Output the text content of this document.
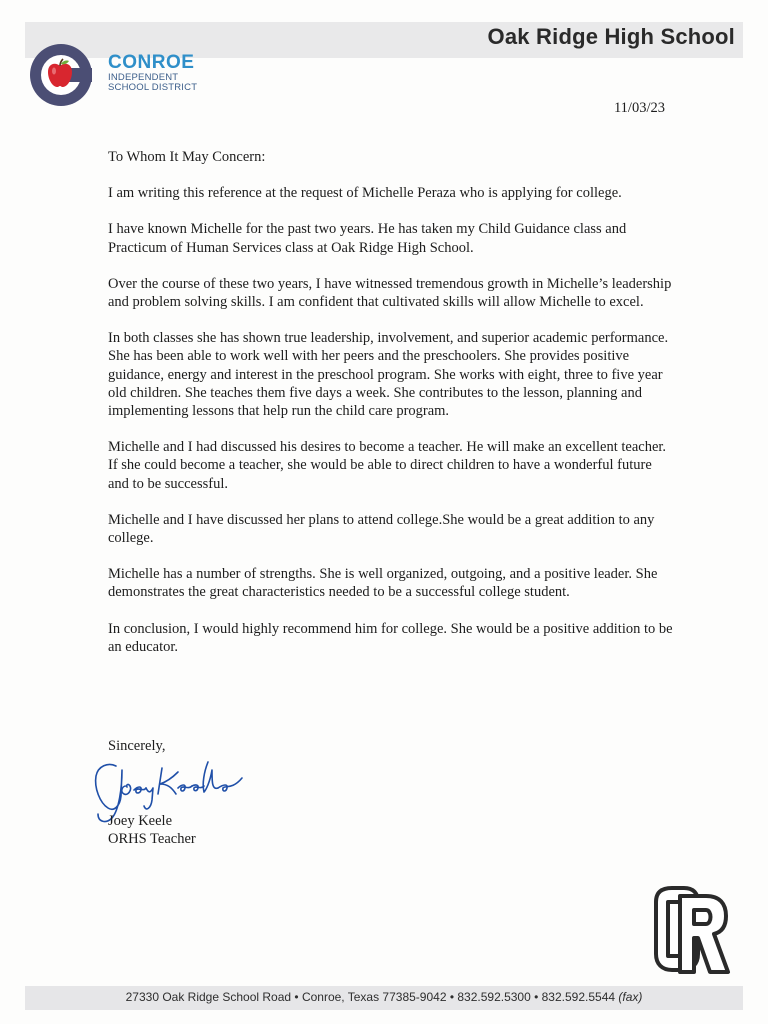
Oak Ridge High School
CONROE
INDEPENDENT
SCHOOL DISTRICT
11/03/23

To Whom It May Concern:

I am writing this reference at the request of Michelle Peraza who is applying for college.

I have known Michelle for the past two years. He has taken my Child Guidance class and Practicum of Human Services class at Oak Ridge High School.

Over the course of these two years, I have witnessed tremendous growth in Michelle’s leadership and problem solving skills. I am confident that cultivated skills will allow Michelle to excel.

In both classes she has shown true leadership, involvement, and superior academic performance. She has been able to work well with her peers and the preschoolers. She provides positive guidance, energy and interest in the preschool program. She works with eight, three to five year old children. She teaches them five days a week. She contributes to the lesson, planning and implementing lessons that help run the child care program.

Michelle and I had discussed his desires to become a teacher. He will make an excellent teacher. If she could become a teacher, she would be able to direct children to have a wonderful future and to be successful.

Michelle and I have discussed her plans to attend college.She would be a great addition to any college.

Michelle has a number of strengths. She is well organized, outgoing, and a positive leader. She demonstrates the great characteristics needed to be a successful college student.

In conclusion, I would highly recommend him for college. She would be a positive addition to be an educator.

Sincerely,
Joey Keele
ORHS Teacher
27330 Oak Ridge School Road • Conroe, Texas 77385-9042 • 832.592.5300 • 832.592.5544 (fax)
